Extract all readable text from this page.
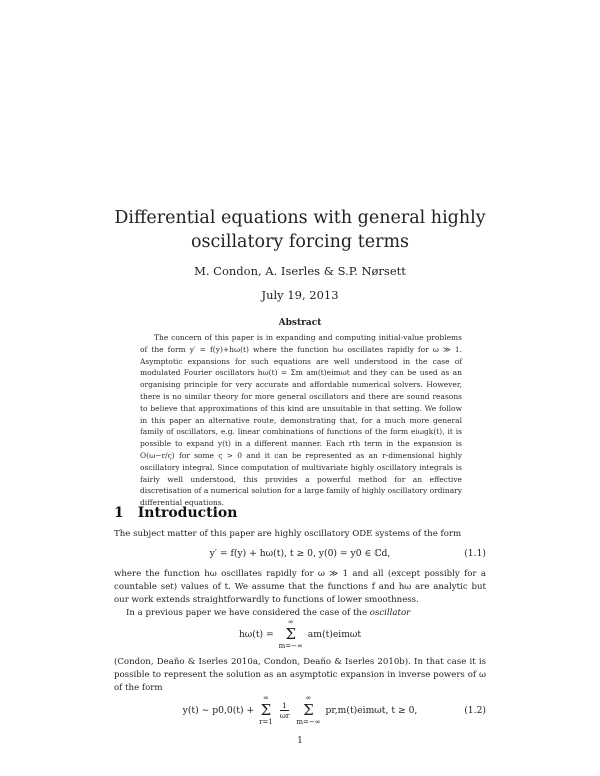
Differential equations with general highly oscillatory forcing terms
M. Condon, A. Iserles & S.P. Nørsett
July 19, 2013
Abstract

The concern of this paper is in expanding and computing initial-value problems of the form y′ = f(y)+hω(t) where the function hω oscillates rapidly for ω ≫ 1. Asymptotic expansions for such equations are well understood in the case of modulated Fourier oscillators hω(t) = Σm am(t)eimωt and they can be used as an organising principle for very accurate and affordable numerical solvers. However, there is no similar theory for more general oscillators and there are sound reasons to believe that approximations of this kind are unsuitable in that setting. We follow in this paper an alternative route, demonstrating that, for a much more general family of oscillators, e.g. linear combinations of functions of the form eiωgk(t), it is possible to expand y(t) in a different manner. Each rth term in the expansion is O(ω−r/ς) for some ς > 0 and it can be represented as an r-dimensional highly oscillatory integral. Since computation of multivariate highly oscillatory integrals is fairly well understood, this provides a powerful method for an effective discretisation of a numerical solution for a large family of highly oscillatory ordinary differential equations.

1 Introduction

The subject matter of this paper are highly oscillatory ODE systems of the form

y′ = f(y) + hω(t), t ≥ 0, y(0) = y0 ∈ ℂd,	(1.1)

where the function hω oscillates rapidly for ω ≫ 1 and all (except possibly for a countable set) values of t. We assume that the functions f and hω are analytic but our work extends straightforwardly to functions of lower smoothness.

In a previous paper we have considered the case of the oscillator

hω(t) =
∞
Σ
m=−∞
am(t)eimωt

(Condon, Deaño & Iserles 2010a, Condon, Deaño & Iserles 2010b). In that case it is possible to represent the solution as an asymptotic expansion in inverse powers of ω of the form

y(t) ∼ p0,0(t) +
∞
Σ
r=1

$\frac{1}{\omega r}$

∞
Σ
m=−∞
pr,m(t)eimωt, t ≥ 0,	(1.2)
1
